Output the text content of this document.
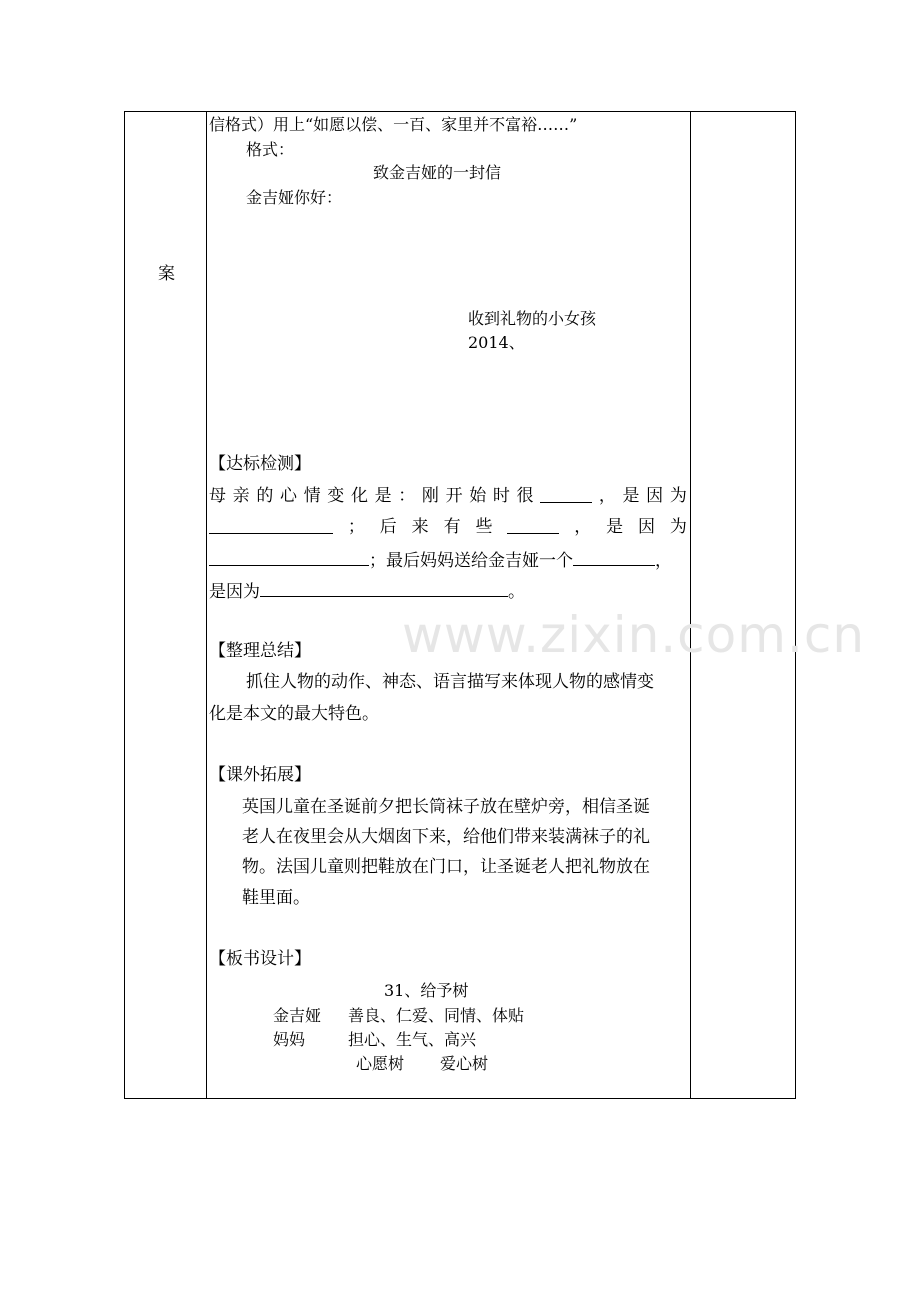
www.zixin.com.cn
案
信格式）用上“如愿以偿、一百、家里并不富裕……”
格式：
致金吉娅的一封信
金吉娅你好：
收到礼物的小女孩
2014、
【达标检测】
母 亲 的 心 情 变 化 是 ： 刚 开 始 时 很	， 是 因 为
； 后 来 有 些	， 是 因 为
；最后妈妈送给金吉娅一个	，
是因为	。
【整理总结】
抓住人物的动作、神态、语言描写来体现人物的感情变
化是本文的最大特色。
【课外拓展】
英国儿童在圣诞前夕把长筒袜子放在壁炉旁，相信圣诞
老人在夜里会从大烟囱下来，给他们带来装满袜子的礼
物。法国儿童则把鞋放在门口，让圣诞老人把礼物放在
鞋里面。
【板书设计】
31、给予树
金吉娅 善良、仁爱、同情、体贴
妈妈	担心、生气、高兴
心愿树 爱心树
